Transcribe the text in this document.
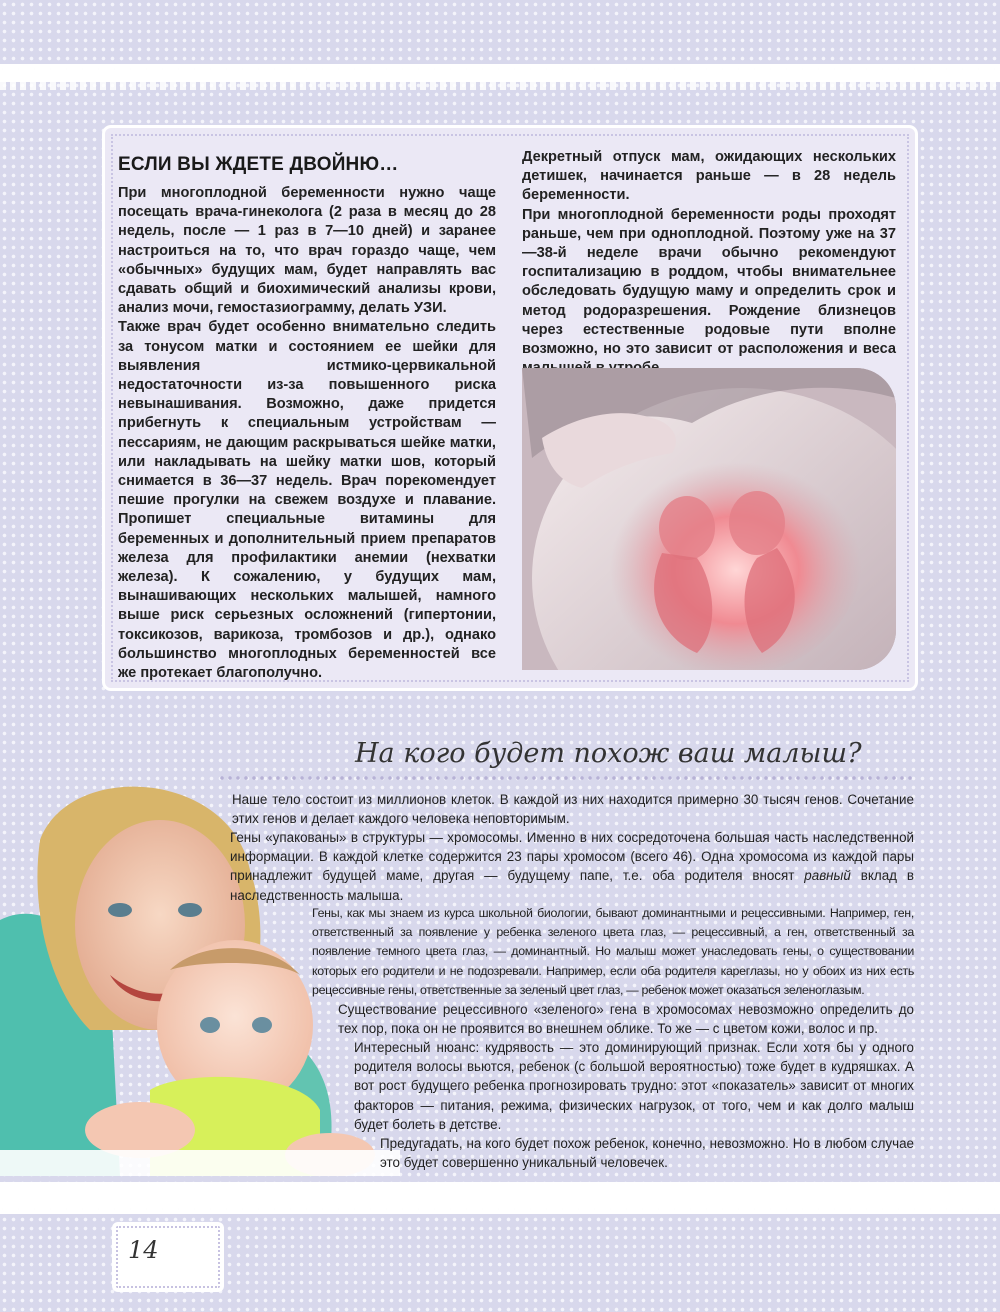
ЕСЛИ ВЫ ЖДЕТЕ ДВОЙНЮ…

При многоплодной беременности нужно чаще посещать врача-гинеколога (2 раза в месяц до 28 недель, после — 1 раз в 7—10 дней) и заранее настроиться на то, что врач гораздо чаще, чем «обычных» будущих мам, будет направлять вас сдавать общий и биохимический анализы крови, анализ мочи, гемостазиограмму, делать УЗИ.

Также врач будет особенно внимательно следить за тонусом матки и состоянием ее шейки для выявления истмико-цервикальной недостаточности из-за повышенного риска невынашивания. Возможно, даже придется прибегнуть к специальным устройствам — пессариям, не дающим раскрываться шейке матки, или накладывать на шейку матки шов, который снимается в 36—37 недель. Врач порекомендует пешие прогулки на свежем воздухе и плавание. Пропишет специальные витамины для беременных и дополнительный прием препаратов железа для профилактики анемии (нехватки железа). К сожалению, у будущих мам, вынашивающих нескольких малышей, намного выше риск серьезных осложнений (гипертонии, токсикозов, варикоза, тромбозов и др.), однако большинство многоплодных беременностей все же протекает благополучно.

Декретный отпуск мам, ожидающих нескольких детишек, начинается раньше — в 28 недель беременности.

При многоплодной беременности роды проходят раньше, чем при одноплодной. Поэтому уже на 37—38-й неделе врачи обычно рекомендуют госпитализацию в роддом, чтобы внимательнее обследовать будущую маму и определить срок и метод родоразрешения. Рождение близнецов через естественные родовые пути вполне возможно, но это зависит от расположения и веса

На кого будет похож ваш малыш?

Наше тело состоит из миллионов клеток. В каждой из них находится примерно 30 тысяч генов. Сочетание этих генов и делает каждого человека неповторимым.

Гены «упакованы» в структуры — хромосомы. Именно в них сосредоточена большая часть наследственной информации. В каждой клетке содержится 23 пары хромосом (всего 46). Одна хромосома из каждой пары принадлежит будущей маме, другая — будущему папе, т.е. оба родителя вносят равный вклад в наследственность малыша.

Гены, как мы знаем из курса школьной биологии, бывают доминантными и рецессивными. Например, ген, ответственный за появление у ребенка зеленого цвета глаз, — рецессивный, а ген, ответственный за появление темного цвета глаз, — доминантный. Но малыш может унаследовать гены, о существовании которых его родители и не подозревали. Например, если оба родителя кареглазы, но у обоих из них есть рецессивные гены, ответственные за зеленый цвет глаз, — ребенок может оказаться зеленоглазым.

Существование рецессивного «зеленого» гена в хромосомах невозможно определить до тех пор, пока он не проявится во внешнем облике. То же — с цветом кожи, волос и пр.

Интересный нюанс: кудрявость — это доминирующий признак. Если хотя бы у одного родителя волосы вьются, ребенок (с большой вероятностью) тоже будет в кудряшках. А вот рост будущего ребенка прогнозировать трудно: этот «показатель» зависит от многих факторов — питания, режима, физических нагрузок, от того, чем и как долго малыш будет болеть в детстве.

Предугадать, на кого будет похож ребенок, конечно, невозможно. Но в любом случае это будет совершенно уникальный человечек.

14
